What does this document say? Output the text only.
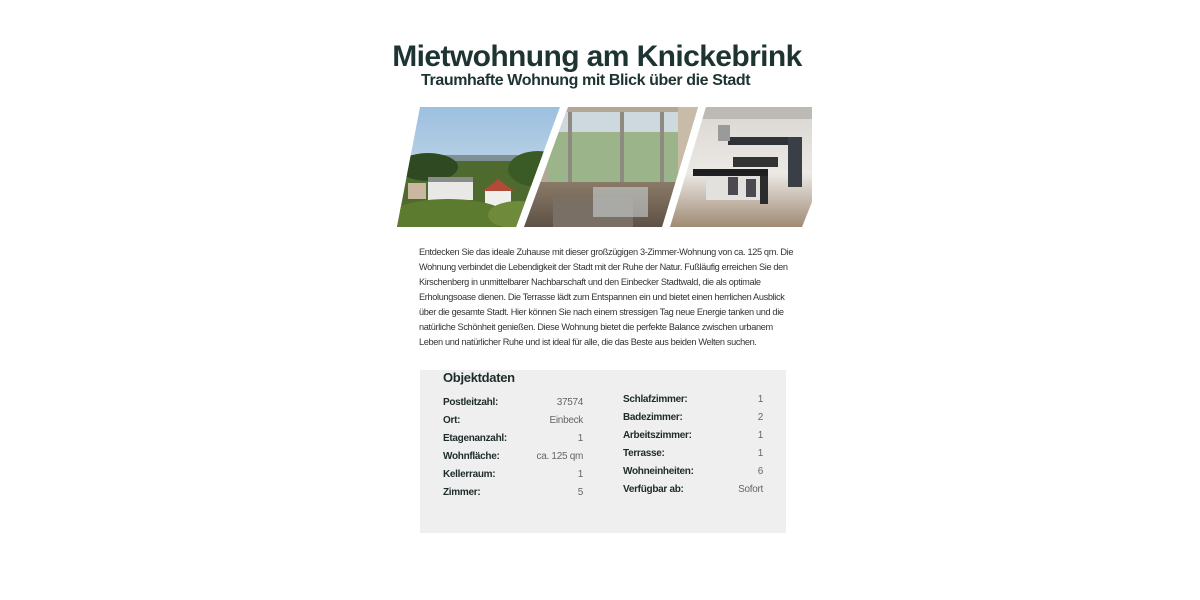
Mietwohnung am Knickebrink
Traumhafte Wohnung mit Blick über die Stadt

Entdecken Sie das ideale Zuhause mit dieser großzügigen 3-Zimmer-Wohnung von ca. 125 qm. Die Wohnung verbindet die Lebendigkeit der Stadt mit der Ruhe der Natur. Fußläufig erreichen Sie den Kirschenberg in unmittelbarer Nachbarschaft und den Einbecker Stadtwald, die als optimale Erholungsoase dienen. Die Terrasse lädt zum Entspannen ein und bietet einen herrlichen Ausblick über die gesamte Stadt. Hier können Sie nach einem stressigen Tag neue Energie tanken und die natürliche Schönheit genießen. Diese Wohnung bietet die perfekte Balance zwischen urbanem Leben und natürlicher Ruhe und ist ideal für alle, die das Beste aus beiden Welten suchen.

Objektdaten
Postleitzahl:	37574
Ort:	Einbeck
Etagenanzahl:	1
Wohnfläche:	ca. 125 qm
Kellerraum:	1
Zimmer:	5
Schlafzimmer:	1
Badezimmer:	2
Arbeitszimmer:	1
Terrasse:	1
Wohneinheiten:	6
Verfügbar ab:	Sofort
